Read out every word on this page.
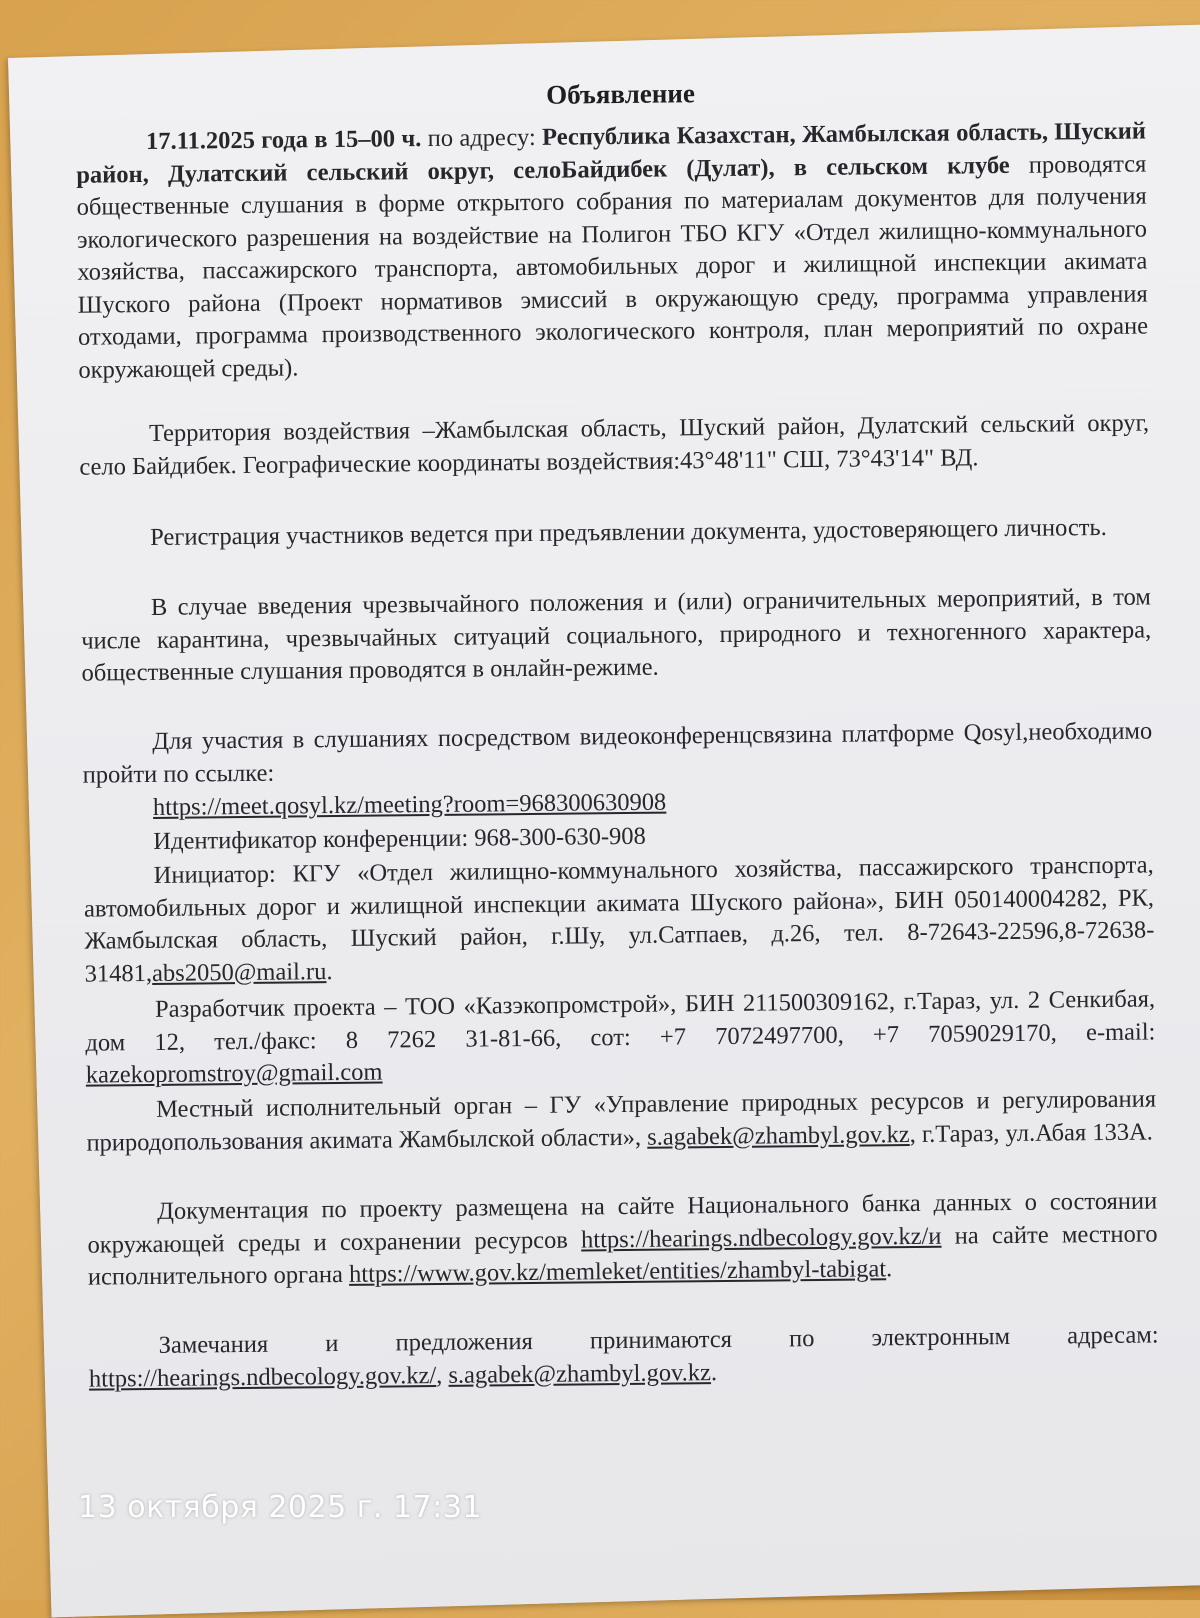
Объявление
17.11.2025 года в 15–00 ч. по адресу: Республика Казахстан, Жамбылская область, Шуский район, Дулатский сельский округ, селоБайдибек (Дулат), в сельском клубе проводятся общественные слушания в форме открытого собрания по материалам документов для получения экологического разрешения на воздействие на Полигон ТБО КГУ «Отдел жилищно-коммунального хозяйства, пассажирского транспорта, автомобильных дорог и жилищной инспекции акимата Шуского района (Проект нормативов эмиссий в окружающую среду, программа управления отходами, программа производственного экологического контроля, план мероприятий по охране окружающей среды).
Территория воздействия –Жамбылская область, Шуский район, Дулатский сельский округ, село Байдибек. Географические координаты воздействия:43°48'11" СШ, 73°43'14" ВД.
Регистрация участников ведется при предъявлении документа, удостоверяющего личность.
В случае введения чрезвычайного положения и (или) ограничительных мероприятий, в том числе карантина, чрезвычайных ситуаций социального, природного и техногенного характера, общественные слушания проводятся в онлайн-режиме.
Для участия в слушаниях посредством видеоконференцсвязина платформе Qosyl,необходимо пройти по ссылке:
https://meet.qosyl.kz/meeting?room=968300630908
Идентификатор конференции: 968-300-630-908
Инициатор: КГУ «Отдел жилищно-коммунального хозяйства, пассажирского транспорта, автомобильных дорог и жилищной инспекции акимата Шуского района», БИН 050140004282, РК, Жамбылская область, Шуский район, г.Шу, ул.Сатпаев, д.26, тел. 8-72643-22596,8-72638-31481,abs2050@mail.ru.
Разработчик проекта – ТОО «Казэкопромстрой», БИН 211500309162, г.Тараз, ул. 2 Сенкибая, дом 12, тел./факс: 8 7262 31-81-66, сот: +7 7072497700, +7 7059029170, e-mail: kazekopromstroy@gmail.com
Местный исполнительный орган – ГУ «Управление природных ресурсов и регулирования природопользования акимата Жамбылской области», s.agabek@zhambyl.gov.kz, г.Тараз, ул.Абая 133А.
Документация по проекту размещена на сайте Национального банка данных о состоянии окружающей среды и сохранении ресурсов https://hearings.ndbecology.gov.kz/и на сайте местного исполнительного органа https://www.gov.kz/memleket/entities/zhambyl-tabigat.
Замечания и предложения принимаются по электронным адресам: https://hearings.ndbecology.gov.kz/, s.agabek@zhambyl.gov.kz.
13 октября 2025 г. 17:31
